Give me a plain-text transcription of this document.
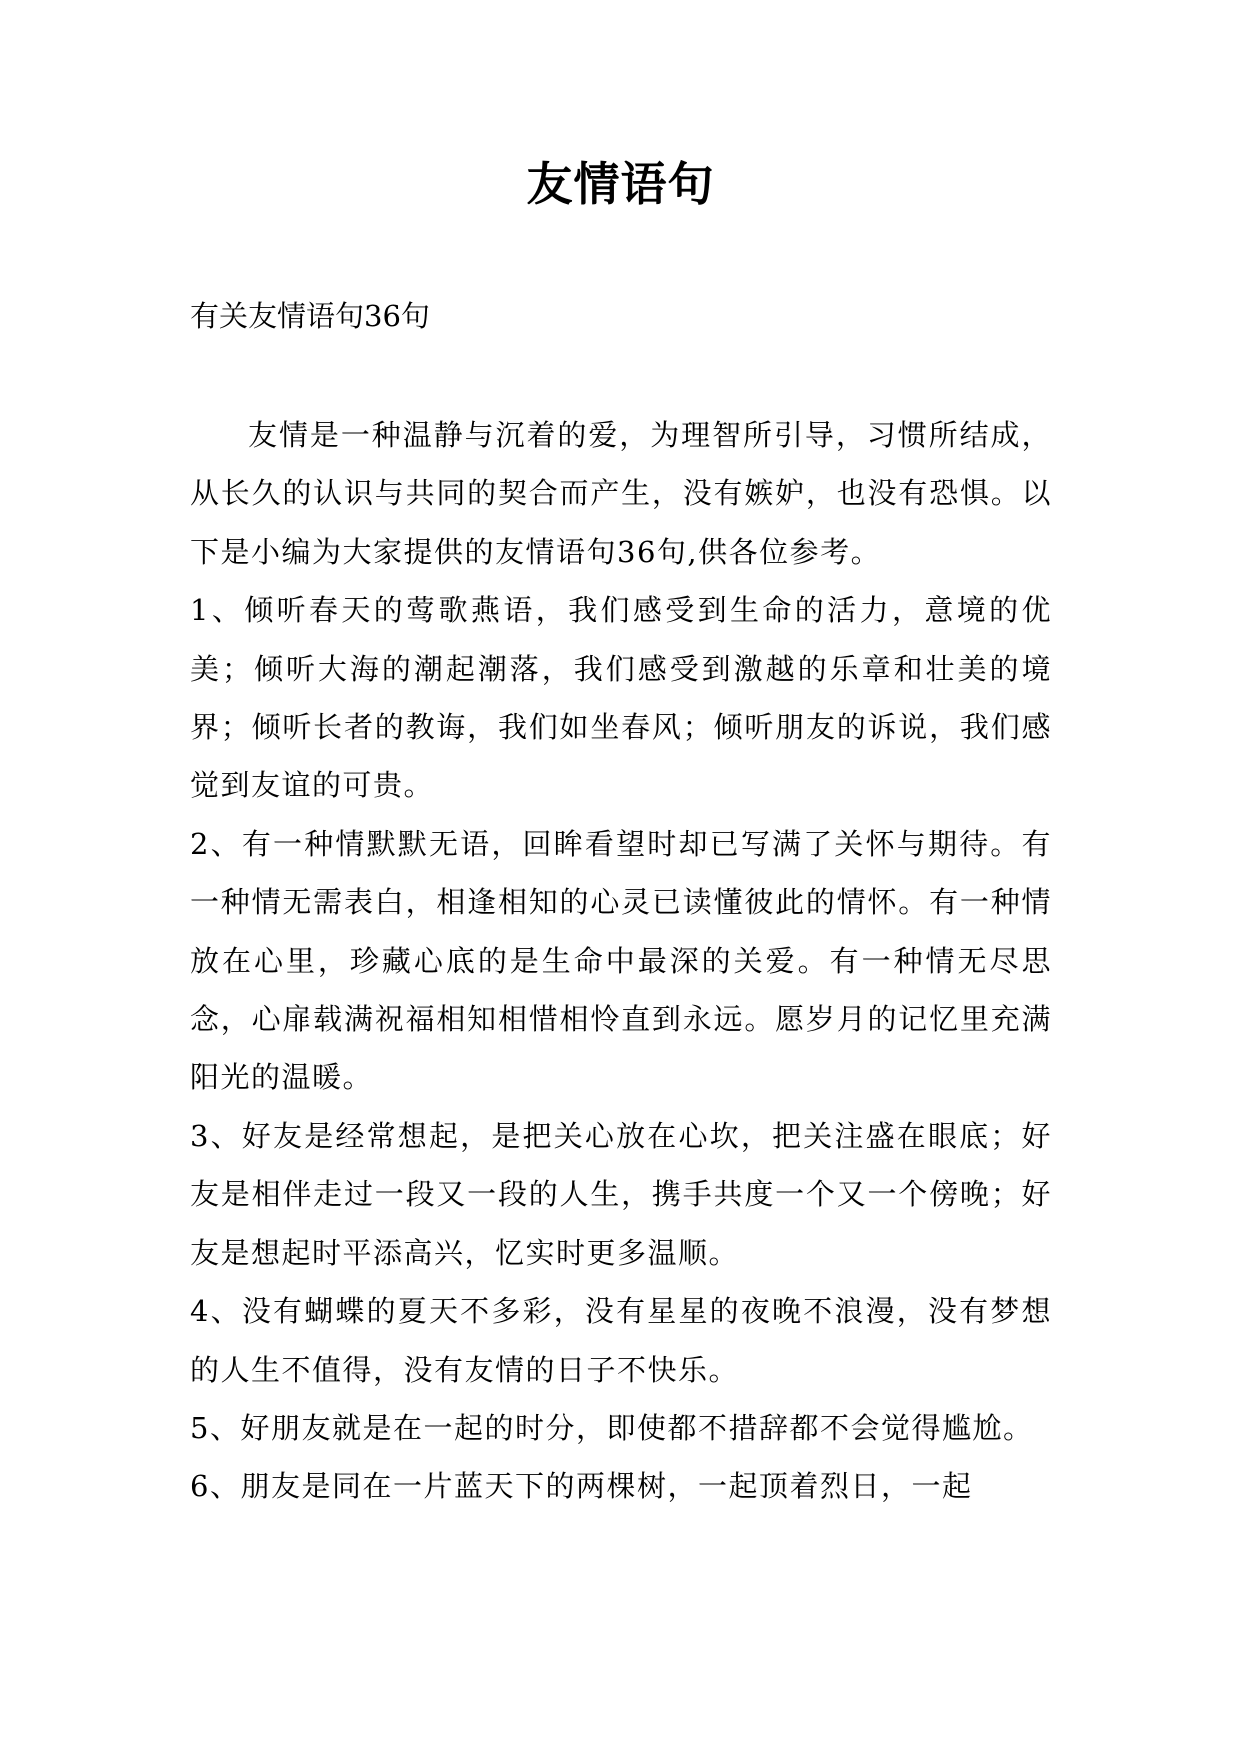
友情语句
有关友情语句36句

友情是一种温静与沉着的爱，为理智所引导，习惯所结成，从长久的认识与共同的契合而产生，没有嫉妒，也没有恐惧。以下是小编为大家提供的友情语句36句,供各位参考。

1、倾听春天的莺歌燕语，我们感受到生命的活力，意境的优美；倾听大海的潮起潮落，我们感受到激越的乐章和壮美的境界；倾听长者的教诲，我们如坐春风；倾听朋友的诉说，我们感觉到友谊的可贵。

2、有一种情默默无语，回眸看望时却已写满了关怀与期待。有一种情无需表白，相逢相知的心灵已读懂彼此的情怀。有一种情放在心里，珍藏心底的是生命中最深的关爱。有一种情无尽思念，心扉载满祝福相知相惜相怜直到永远。愿岁月的记忆里充满阳光的温暖。

3、好友是经常想起，是把关心放在心坎，把关注盛在眼底；好友是相伴走过一段又一段的人生，携手共度一个又一个傍晚；好友是想起时平添高兴，忆实时更多温顺。

4、没有蝴蝶的夏天不多彩，没有星星的夜晚不浪漫，没有梦想的人生不值得，没有友情的日子不快乐。

5、好朋友就是在一起的时分，即使都不措辞都不会觉得尴尬。

6、朋友是同在一片蓝天下的两棵树，一起顶着烈日，一起
